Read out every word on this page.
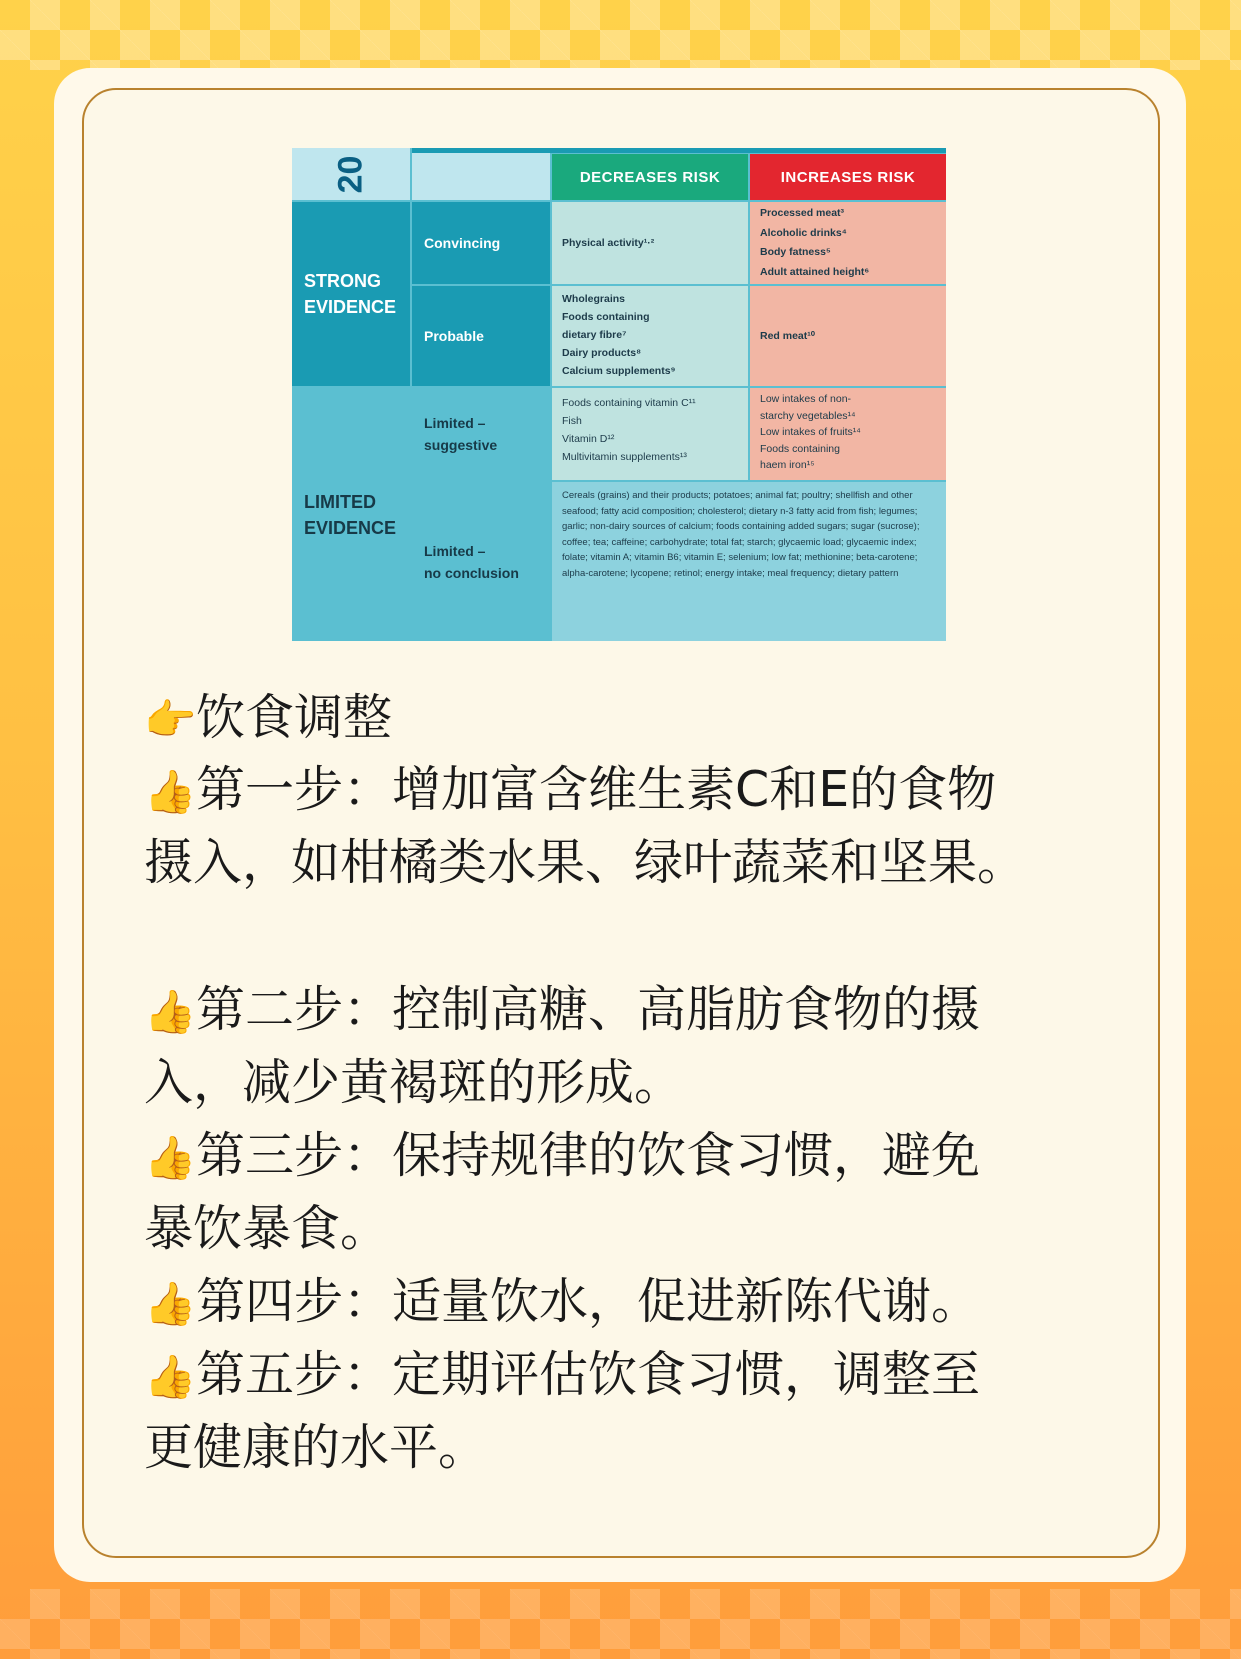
20	DECREASES RISK	INCREASES RISK
STRONG
EVIDENCE
Convincing
Probable
Physical activity¹·²
Processed meat³
Alcoholic drinks⁴
Body fatness⁵
Adult attained height⁶
Wholegrains
Foods containing
dietary fibre⁷
Dairy products⁸
Calcium supplements⁹
Red meat¹⁰
LIMITED
EVIDENCE
Limited –
suggestive
Limited –
no conclusion
Foods containing vitamin C¹¹
Fish
Vitamin D¹²
Multivitamin supplements¹³
Low intakes of non-
starchy vegetables¹⁴
Low intakes of fruits¹⁴
Foods containing
haem iron¹⁵
Cereals (grains) and their products; potatoes; animal fat; poultry; shellfish and other seafood; fatty acid composition; cholesterol; dietary n-3 fatty acid from fish; legumes; garlic; non-dairy sources of calcium; foods containing added sugars; sugar (sucrose); coffee; tea; caffeine; carbohydrate; total fat; starch; glycaemic load; glycaemic index; folate; vitamin A; vitamin B6; vitamin E; selenium; low fat; methionine; beta-carotene; alpha-carotene; lycopene; retinol; energy intake; meal frequency; dietary pattern
👉饮食调整
👍第一步：增加富含维生素C和E的食物
摄入，如柑橘类水果、绿叶蔬菜和坚果。
👍第二步：控制高糖、高脂肪食物的摄
入，减少黄褐斑的形成。
👍第三步：保持规律的饮食习惯，避免
暴饮暴食。
👍第四步：适量饮水，促进新陈代谢。
👍第五步：定期评估饮食习惯，调整至
更健康的水平。
